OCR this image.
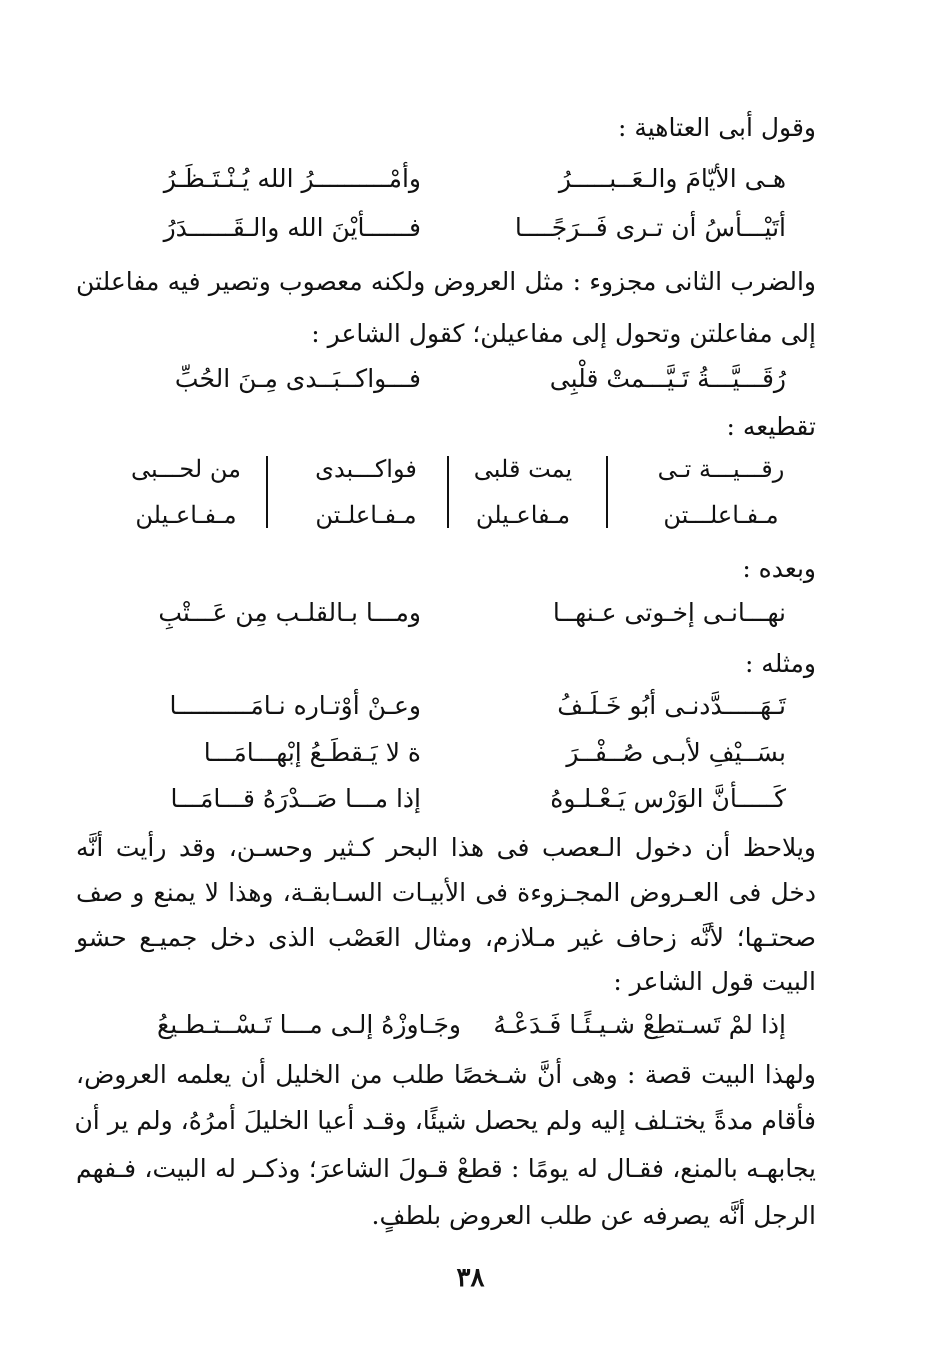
وقول أبى العتاهية :
هـى الأيّامَ والـعَــبـــــرُ
وأمْــــــــــرُ الله يُـنْـتَـظَـرُ
أتَيْـــأسُ أن تـرى فَــرَجًــــا
فــــــأيْنَ الله والـقَــــــدَرُ
والضرب الثانى مجزوء : مثل العروض ولكنه معصوب وتصير فيه مفاعلتن
إلى مفاعلتن وتحول إلى مفاعيلن؛ كقول الشاعر :
رُقَـــيَّـــةُ تَـيَّـــمتْ قلْبِى
فـــواكــبَــدى مِـنَ الحُبِّ
تقطيعه :
رقـــيـــة تـى
يمت قلبى
فواكـــبدى
من لحـــبى
مـفـاعلـــتن
مـفاعـيلن
مـفـاعلـتن
مـفـاعـيلن
وبعده :
نهـــانـى إخـوتى عـنهــا
ومـــا بـالقلـب مِن عَـــتْبِ
ومثله :
تَـهَـــــدَّدنـى أبُو خَـلَـفُ
وعـنْ أوْتـاره نـامَــــــــــا
بسَــيْفِ لأبـى صُــفْــرَ
ة لا يَـقطَـعُ إبْهـــامَـــا
كَـــــأنَّ الوَرْس يَـعْـلـوهُ
إذا مـــا صَــدْرَهُ قـــامَـــا
ويلاحظ أن دخول الـعصب فى هذا البحر كـثير وحسـن، وقد رأيت أنَّه
دخل فى العـروض المجـزوءة فى الأبيـات السـابقـة، وهذا لا يمنع و صف
صحتـها؛ لأنَّه زحاف غير مـلازم، ومثال العَصْب الذى دخل جميـع حشو
البيت قول الشاعر :
إذا لمْ تَسـتطِعْ شـيـئًـا فَـدَعْـهُ
وجَـاوزْهُ إلـى مـــا تَـسْــتـطـيعُ
ولهذا البيت قصة : وهى أنَّ شـخصًا طلب من الخليل أن يعلمه العروض،
فأقام مدةً يختـلف إليه ولم يحصل شيئًا، وقـد أعيا الخليلَ أمرُهُ، ولم ير أن
يجابهـه بالمنع، فقـال له يومًا : قطعْ قـولَ الشاعرَ؛ وذكـر له البيت، فـفهم
الرجل أنَّه يصرفه عن طلب العروض بلطفٍ.
٣٨
